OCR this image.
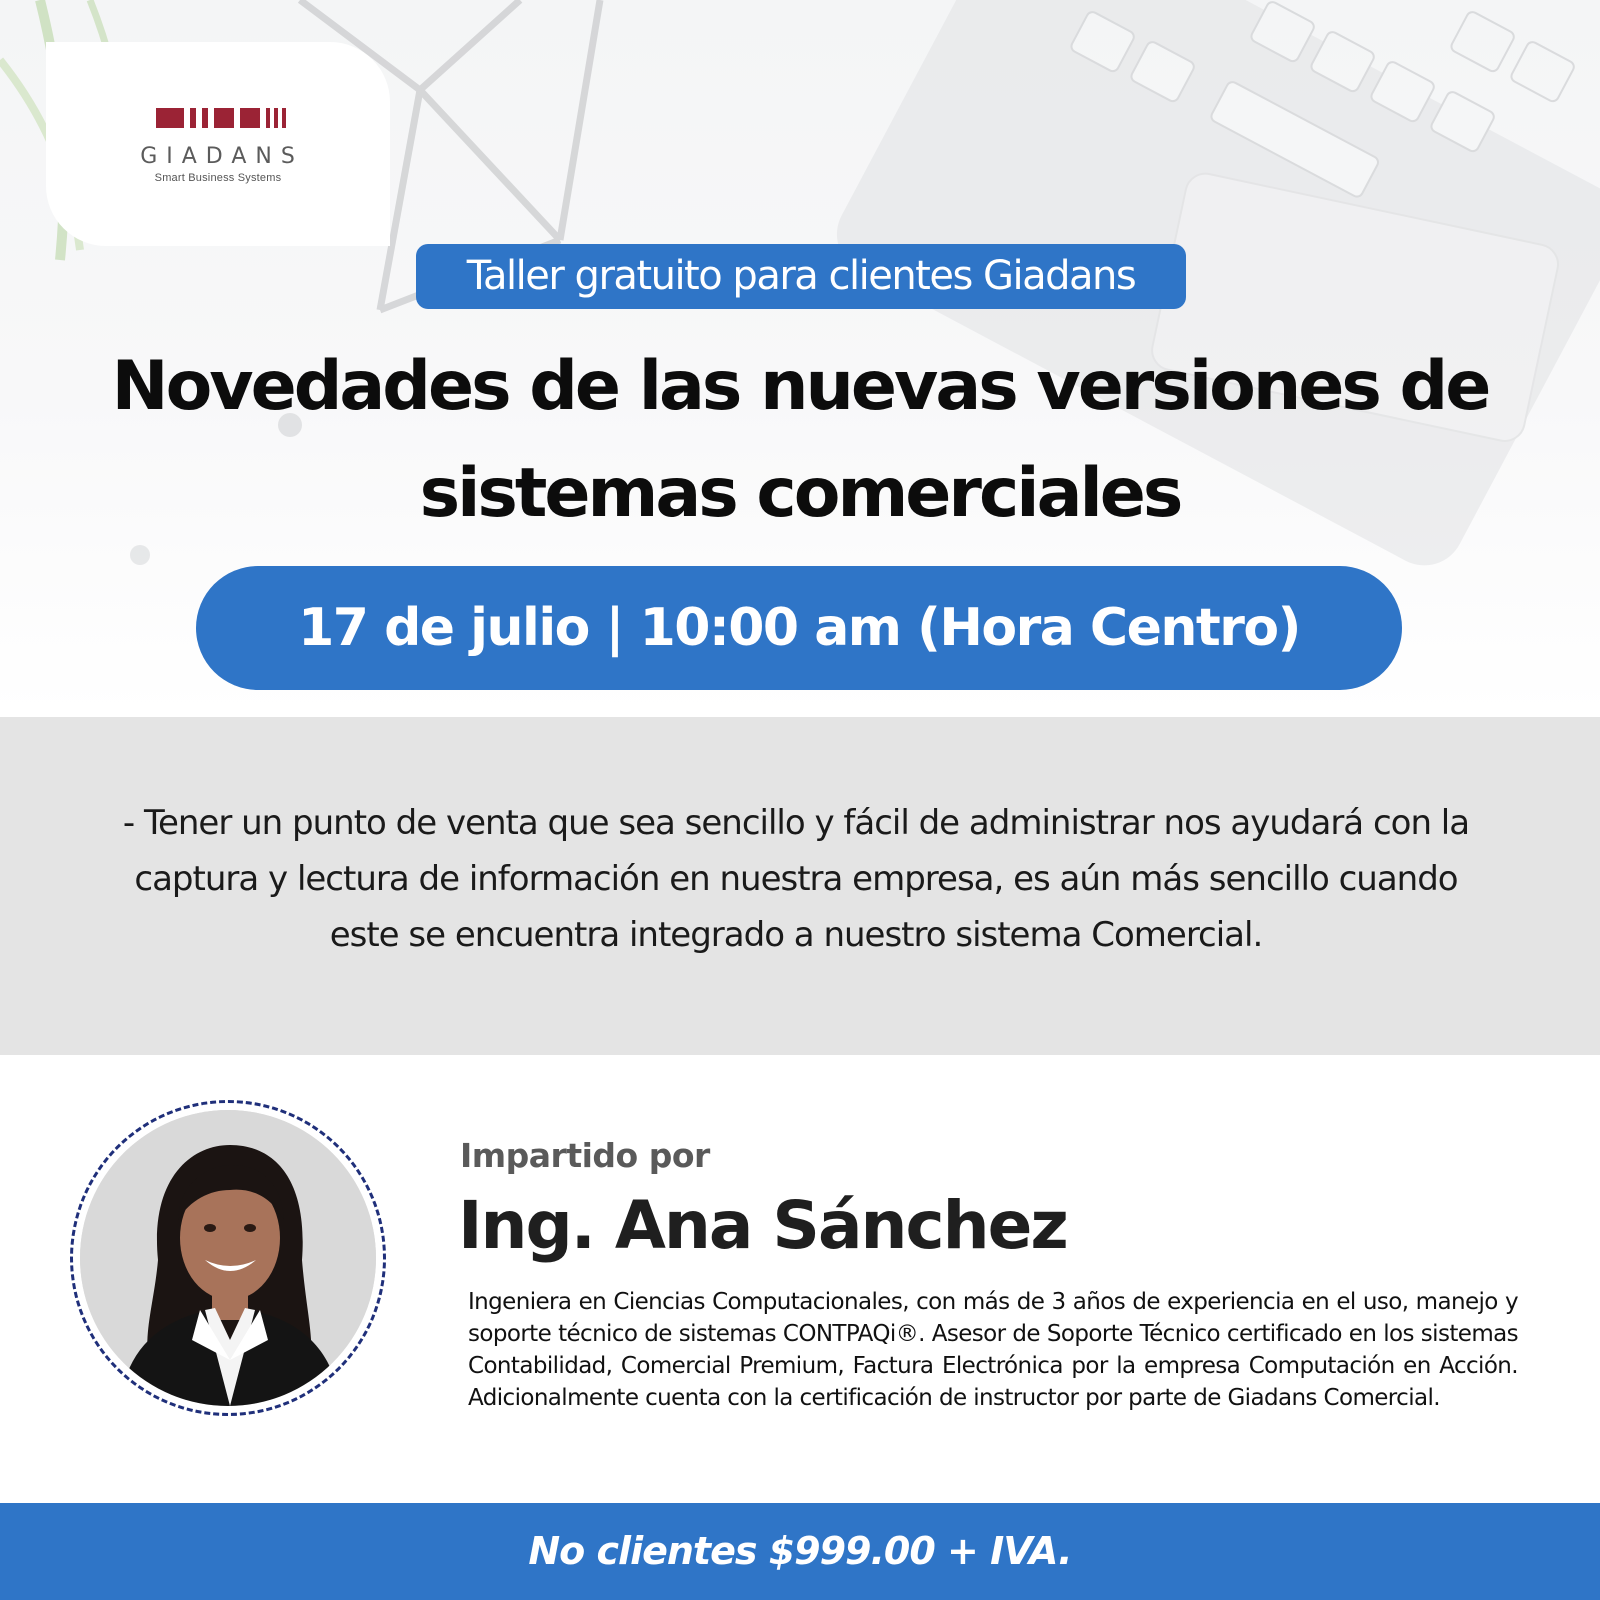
GIADANS
Smart Business Systems
Taller gratuito para clientes Giadans
Novedades de las nuevas versiones de
sistemas comerciales
17 de julio | 10:00 am (Hora Centro)

- Tener un punto de venta que sea sencillo y fácil de administrar nos ayudará con la
captura y lectura de información en nuestra empresa, es aún más sencillo cuando
este se encuentra integrado a nuestro sistema Comercial.

Impartido por
Ing. Ana Sánchez

Ingeniera en Ciencias Computacionales, con más de 3 años de experiencia en el uso, manejo y soporte técnico de sistemas CONTPAQi®. Asesor de Soporte Técnico certificado en los sistemas Contabilidad, Comercial Premium, Factura Electrónica por la empresa Computación en Acción. Adicionalmente cuenta con la certificación de instructor por parte de Giadans Comercial.

No clientes $999.00 + IVA.
